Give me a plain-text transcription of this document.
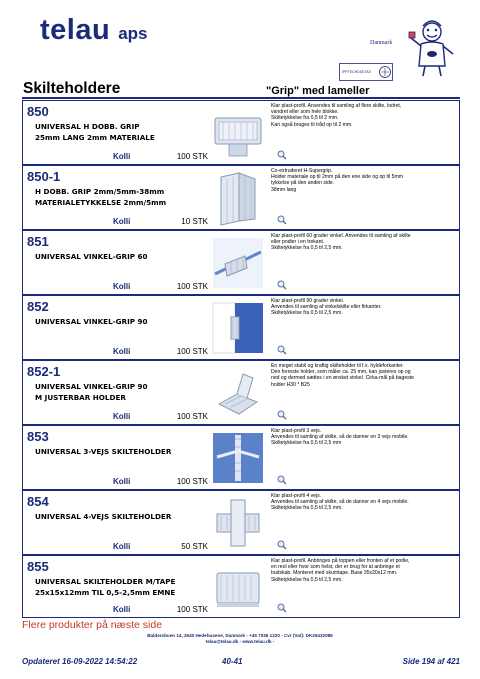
telau aps	Danmark
IPPTECHDIGITAS
Skilteholdere	"Grip" med lameller
850
UNIVERSAL H DOBB. GRIP
25mm LANG 2mm MATERIALE
Kolli	100 STK
Klar plast-profil. Anvendes til samling af flere skilte, lodret,
vandret eller som hele blokke.
Skiltetykkelse fra 0,5 til 2 mm.
Kan også bruges til tråd op til 2 mm.
850-1
H DOBB. GRIP 2mm/5mm-38mm
MATERIALETYKKELSE 2mm/5mm
Kolli	10 STK
Co-extruderet H-Supergrip.
Holder materiale op til 2mm på den ene side og op til 5mm
tykkelse på den anden side.
38mm lang
851
UNIVERSAL VINKEL-GRIP 60
Kolli	100 STK
Klar plast-profil 60 grader vinkel. Anvendes til samling af skilte
eller podier i en trekant.
Skiltetykkelse fra 0,5 til 2,5 mm.
852
UNIVERSAL VINKEL-GRIP 90
Kolli	100 STK
Klar plast-profil 90 grader vinkel.
Anvendes til samling af vinkelskilte eller firkanter.
Skiltetykkelse fra 0,5 til 2,5 mm.
852-1
UNIVERSAL VINKEL-GRIP 90
M JUSTERBAR HOLDER
Kolli	100 STK
En meget stabil og kraftig skilteholder til f.x. hyldeforkanter.
Den forreste holder, som måler ca. 25 mm, kan justeres op og
ned og dermed sættes i en ønsket vinkel. Cirka-mål på bageste
holder H30 * B25
853
UNIVERSAL 3-VEJS SKILTEHOLDER
Kolli	100 STK
Klar plast-profil 3 vejs.
Anvendes til samling af skilte, så de danner en 3 vejs mobile.
Skiltetykkelse fra 0,5 til 2,5 mm
854
UNIVERSAL 4-VEJS SKILTEHOLDER
Kolli	50 STK
Klar plast-profil 4 vejs.
Anvendes til samling af skilte, så de danner en 4 vejs mobile.
Skiltetykkelse fra 0,5 til 2,5 mm.
855
UNIVERSAL SKILTEHOLDER M/TAPE
25x15x12mm TIL 0,5-2,5mm EMNE
Kolli	100 STK
Klar plast-profil. Anbringes på toppen eller fronten af et podie,
en reol eller hvor som helst, der er brug for at anbringe et
budskab. Monteret med skumtape. Base 35x20x12 mm.
Skiltetykkelse fra 0,5 til 2,5 mm.
Flere produkter på næste side
Baldersbuen 14, 2640 Hedehusene, Danmark - +45 7036 1220 - Cvr (Vat): DK25432088
telau@telau.dk - www.telau.dk -
Opdateret 16-09-2022 14:54:22	40-41	Side 194 af 421
